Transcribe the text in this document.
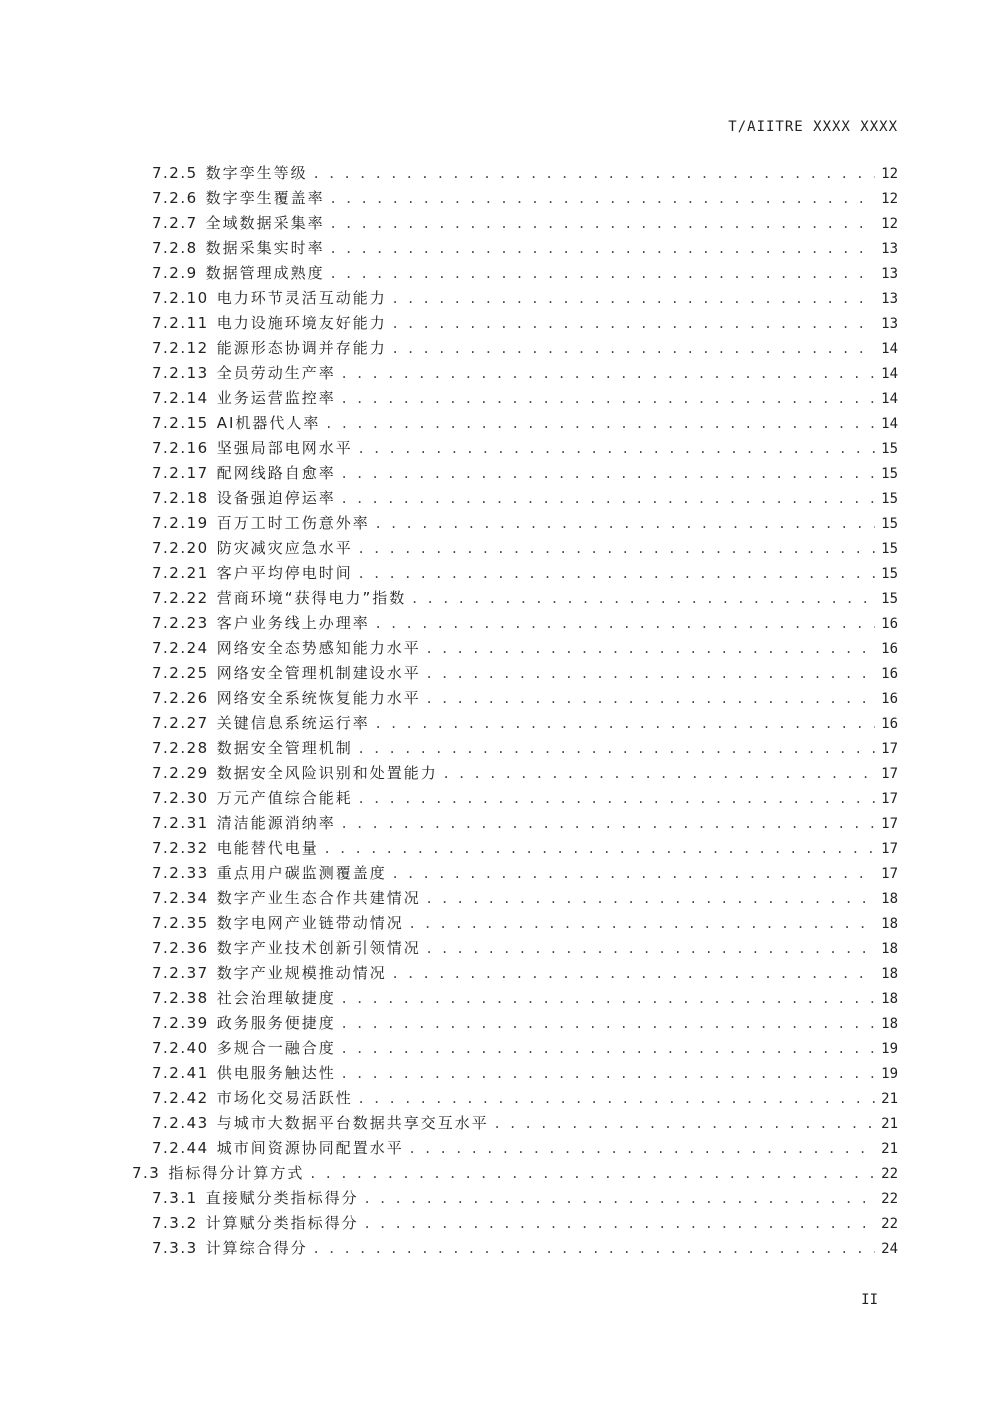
T/AIITRE XXXX XXXX
7.2.5 数字孪生等级 . . .	12
7.2.6 数字孪生覆盖率 . . .	12
7.2.7 全域数据采集率 . . .	12
7.2.8 数据采集实时率 . . .	13
7.2.9 数据管理成熟度 . . .	13
7.2.10 电力环节灵活互动能力 . . .	13
7.2.11 电力设施环境友好能力 . . .	13
7.2.12 能源形态协调并存能力 . . .	14
7.2.13 全员劳动生产率 . . .	14
7.2.14 业务运营监控率 . . .	14
7.2.15 AI机器代人率 . . .	14
7.2.16 坚强局部电网水平 . . .	15
7.2.17 配网线路自愈率 . . .	15
7.2.18 设备强迫停运率 . . .	15
7.2.19 百万工时工伤意外率 . . .	15
7.2.20 防灾减灾应急水平 . . .	15
7.2.21 客户平均停电时间 . . .	15
7.2.22 营商环境“获得电力”指数 . . .	15
7.2.23 客户业务线上办理率 . . .	16
7.2.24 网络安全态势感知能力水平 . . .	16
7.2.25 网络安全管理机制建设水平 . . .	16
7.2.26 网络安全系统恢复能力水平 . . .	16
7.2.27 关键信息系统运行率 . . .	16
7.2.28 数据安全管理机制 . . .	17
7.2.29 数据安全风险识别和处置能力 . . .	17
7.2.30 万元产值综合能耗 . . .	17
7.2.31 清洁能源消纳率 . . .	17
7.2.32 电能替代电量 . . .	17
7.2.33 重点用户碳监测覆盖度 . . .	17
7.2.34 数字产业生态合作共建情况 . . .	18
7.2.35 数字电网产业链带动情况 . . .	18
7.2.36 数字产业技术创新引领情况 . . .	18
7.2.37 数字产业规模推动情况 . . .	18
7.2.38 社会治理敏捷度 . . .	18
7.2.39 政务服务便捷度 . . .	18
7.2.40 多规合一融合度 . . .	19
7.2.41 供电服务触达性 . . .	19
7.2.42 市场化交易活跃性 . . .	21
7.2.43 与城市大数据平台数据共享交互水平 . . .	21
7.2.44 城市间资源协同配置水平 . . .	21
7.3 指标得分计算方式 . . .	22
7.3.1 直接赋分类指标得分 . . .	22
7.3.2 计算赋分类指标得分 . . .	22
7.3.3 计算综合得分 . . .	24
II
